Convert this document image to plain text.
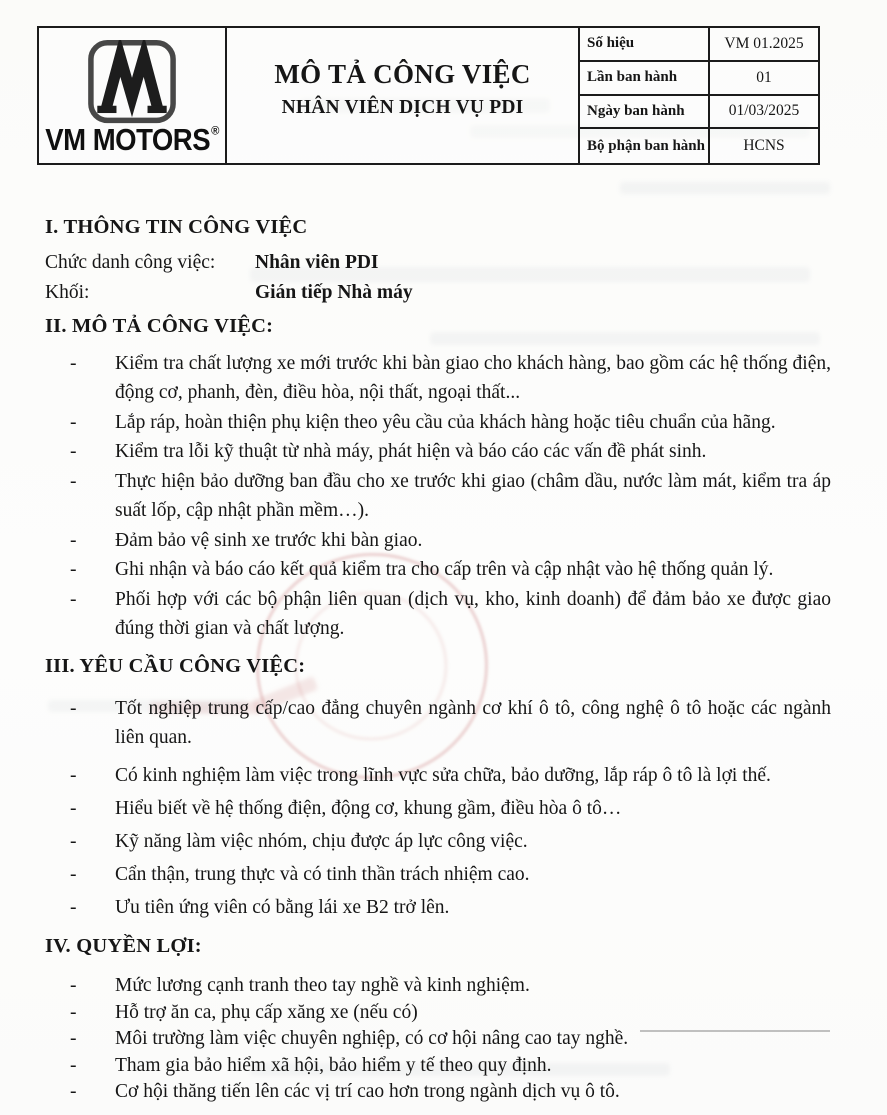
VM MOTORS®
MÔ TẢ CÔNG VIỆC
NHÂN VIÊN DỊCH VỤ PDI
Số hiệu	VM 01.2025
Lần ban hành	01
Ngày ban hành	01/03/2025
Bộ phận ban hành	HCNS
I. THÔNG TIN CÔNG VIỆC
Chức danh công việc:	Nhân viên PDI
Khối:	Gián tiếp Nhà máy
II. MÔ TẢ CÔNG VIỆC:
-	Kiểm tra chất lượng xe mới trước khi bàn giao cho khách hàng, bao gồm các hệ thống điện, động cơ, phanh, đèn, điều hòa, nội thất, ngoại thất...
-	Lắp ráp, hoàn thiện phụ kiện theo yêu cầu của khách hàng hoặc tiêu chuẩn của hãng.
-	Kiểm tra lỗi kỹ thuật từ nhà máy, phát hiện và báo cáo các vấn đề phát sinh.
-	Thực hiện bảo dưỡng ban đầu cho xe trước khi giao (châm dầu, nước làm mát, kiểm tra áp suất lốp, cập nhật phần mềm…).
-	Đảm bảo vệ sinh xe trước khi bàn giao.
-	Ghi nhận và báo cáo kết quả kiểm tra cho cấp trên và cập nhật vào hệ thống quản lý.
-	Phối hợp với các bộ phận liên quan (dịch vụ, kho, kinh doanh) để đảm bảo xe được giao đúng thời gian và chất lượng.
III. YÊU CẦU CÔNG VIỆC:
-	Tốt nghiệp trung cấp/cao đẳng chuyên ngành cơ khí ô tô, công nghệ ô tô hoặc các ngành liên quan.
-	Có kinh nghiệm làm việc trong lĩnh vực sửa chữa, bảo dưỡng, lắp ráp ô tô là lợi thế.
-	Hiểu biết về hệ thống điện, động cơ, khung gầm, điều hòa ô tô…
-	Kỹ năng làm việc nhóm, chịu được áp lực công việc.
-	Cẩn thận, trung thực và có tinh thần trách nhiệm cao.
-	Ưu tiên ứng viên có bằng lái xe B2 trở lên.
IV. QUYỀN LỢI:
-	Mức lương cạnh tranh theo tay nghề và kinh nghiệm.
-	Hỗ trợ ăn ca, phụ cấp xăng xe (nếu có)
-	Môi trường làm việc chuyên nghiệp, có cơ hội nâng cao tay nghề.
-	Tham gia bảo hiểm xã hội, bảo hiểm y tế theo quy định.
-	Cơ hội thăng tiến lên các vị trí cao hơn trong ngành dịch vụ ô tô.
